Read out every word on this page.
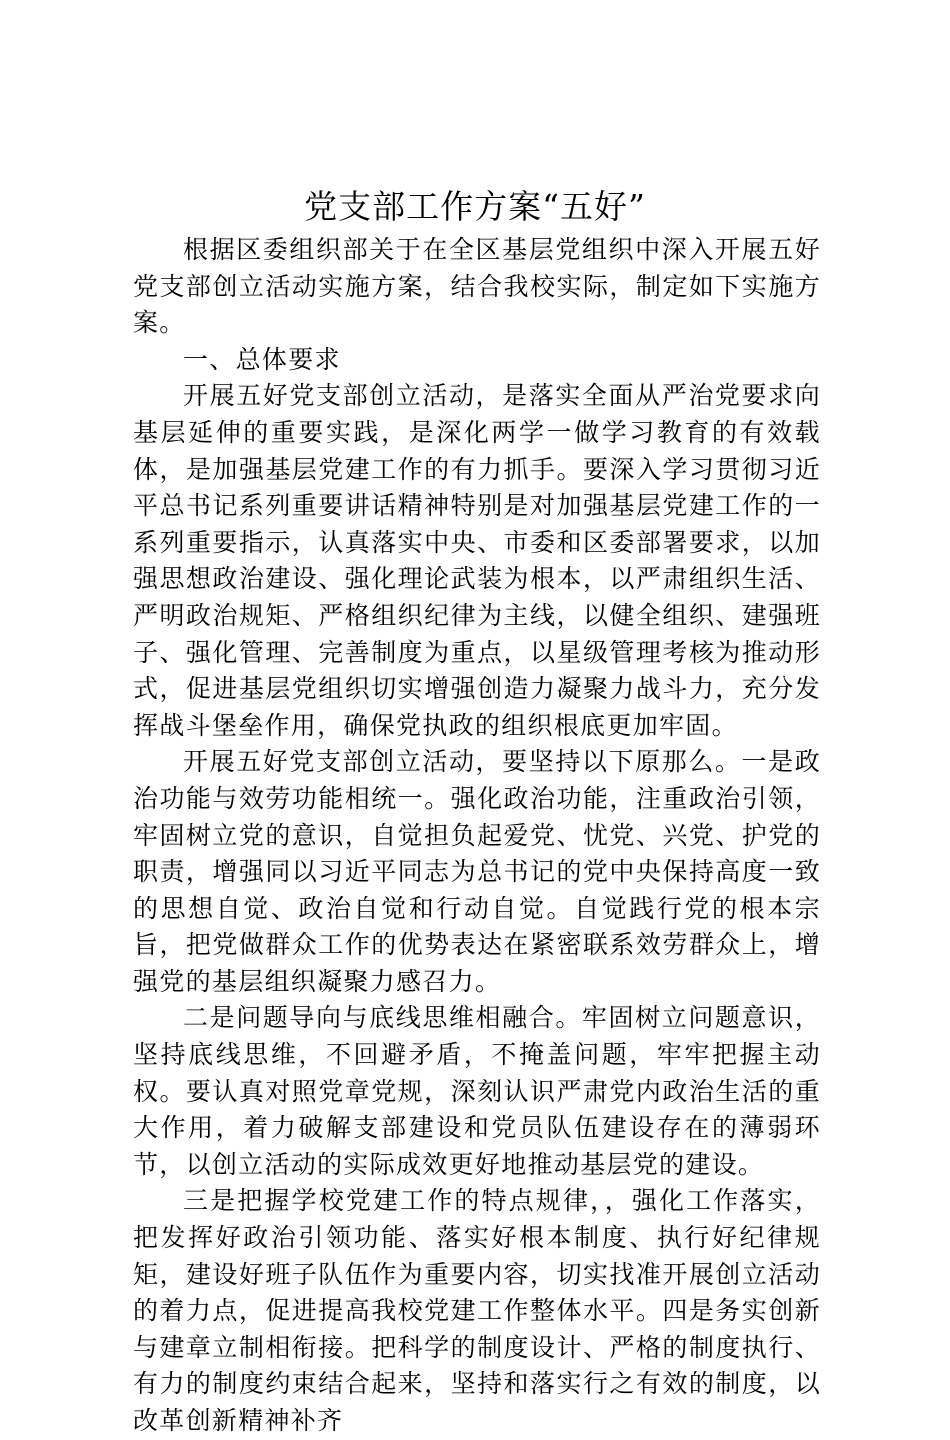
党支部工作方案“五好”

根据区委组织部关于在全区基层党组织中深入开展五好党支部创立活动实施方案，结合我校实际，制定如下实施方案。

一、总体要求

开展五好党支部创立活动，是落实全面从严治党要求向基层延伸的重要实践，是深化两学一做学习教育的有效载体，是加强基层党建工作的有力抓手。要深入学习贯彻习近平总书记系列重要讲话精神特别是对加强基层党建工作的一系列重要指示，认真落实中央、市委和区委部署要求，以加强思想政治建设、强化理论武装为根本，以严肃组织生活、严明政治规矩、严格组织纪律为主线，以健全组织、建强班子、强化管理、完善制度为重点，以星级管理考核为推动形式，促进基层党组织切实增强创造力凝聚力战斗力，充分发挥战斗堡垒作用，确保党执政的组织根底更加牢固。

开展五好党支部创立活动，要坚持以下原那么。一是政治功能与效劳功能相统一。强化政治功能，注重政治引领，牢固树立党的意识，自觉担负起爱党、忧党、兴党、护党的职责，增强同以习近平同志为总书记的党中央保持高度一致的思想自觉、政治自觉和行动自觉。自觉践行党的根本宗旨，把党做群众工作的优势表达在紧密联系效劳群众上，增强党的基层组织凝聚力感召力。

二是问题导向与底线思维相融合。牢固树立问题意识，坚持底线思维，不回避矛盾，不掩盖问题，牢牢把握主动权。要认真对照党章党规，深刻认识严肃党内政治生活的重大作用，着力破解支部建设和党员队伍建设存在的薄弱环节，以创立活动的实际成效更好地推动基层党的建设。

三是把握学校党建工作的特点规律，，强化工作落实，把发挥好政治引领功能、落实好根本制度、执行好纪律规矩，建设好班子队伍作为重要内容，切实找准开展创立活动的着力点，促进提高我校党建工作整体水平。四是务实创新与建章立制相衔接。把科学的制度设计、严格的制度执行、有力的制度约束结合起来，坚持和落实行之有效的制度，以改革创新精神补齐
